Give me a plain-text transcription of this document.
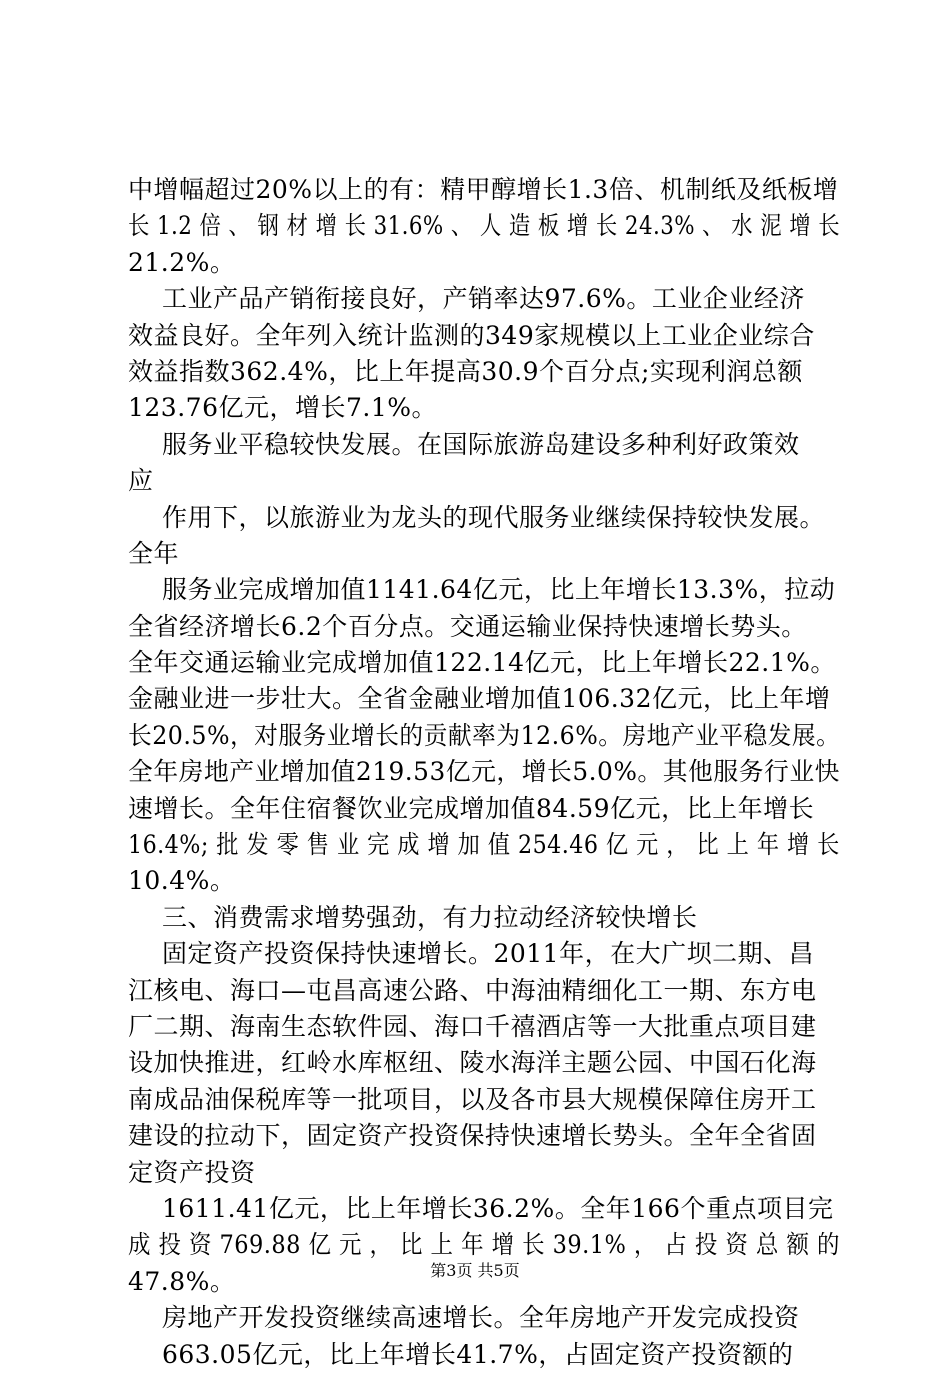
中增幅超过20%以上的有：精甲醇增长1.3倍、机制纸及纸板增
长 1.2 倍 、 钢 材 增 长 31.6% 、 人 造 板 增 长 24.3% 、 水 泥 增 长
21.2%。
　 工业产品产销衔接良好，产销率达97.6%。工业企业经济
效益良好。全年列入统计监测的349家规模以上工业企业综合
效益指数362.4%，比上年提高30.9个百分点;实现利润总额
123.76亿元，增长7.1%。
　 服务业平稳较快发展。在国际旅游岛建设多种利好政策效
应
　 作用下，以旅游业为龙头的现代服务业继续保持较快发展。
全年
　 服务业完成增加值1141.64亿元，比上年增长13.3%，拉动
全省经济增长6.2个百分点。交通运输业保持快速增长势头。
全年交通运输业完成增加值122.14亿元，比上年增长22.1%。
金融业进一步壮大。全省金融业增加值106.32亿元，比上年增
长20.5%，对服务业增长的贡献率为12.6%。房地产业平稳发展。
全年房地产业增加值219.53亿元，增长5.0%。其他服务行业快
速增长。全年住宿餐饮业完成增加值84.59亿元，比上年增长
16.4%; 批 发 零 售 业 完 成 增 加 值 254.46 亿 元 ， 比 上 年 增 长
10.4%。
　 三、消费需求增势强劲，有力拉动经济较快增长
　 固定资产投资保持快速增长。2011年，在大广坝二期、昌
江核电、海口—屯昌高速公路、中海油精细化工一期、东方电
厂二期、海南生态软件园、海口千禧酒店等一大批重点项目建
设加快推进，红岭水库枢纽、陵水海洋主题公园、中国石化海
南成品油保税库等一批项目，以及各市县大规模保障住房开工
建设的拉动下，固定资产投资保持快速增长势头。全年全省固
定资产投资
　 1611.41亿元，比上年增长36.2%。全年166个重点项目完
成 投 资 769.88 亿 元 ， 比 上 年 增 长 39.1% ， 占 投 资 总 额 的
47.8%。
　 房地产开发投资继续高速增长。全年房地产开发完成投资
　 663.05亿元，比上年增长41.7%，占固定资产投资额的
第3页 共5页
